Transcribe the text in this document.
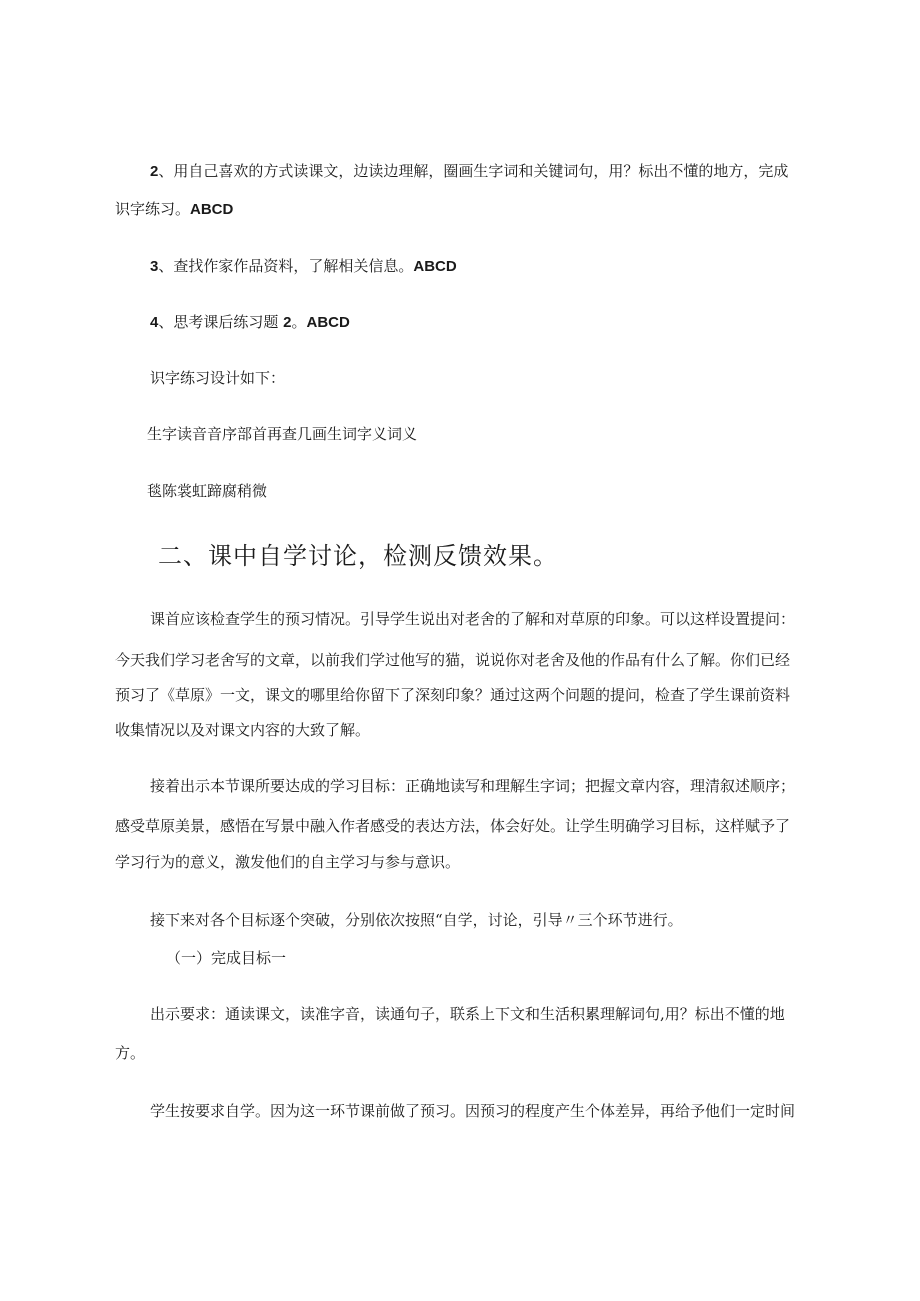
2、用自己喜欢的方式读课文，边读边理解，圈画生字词和关键词句，用？标出不懂的地方，完成
识字练习。ABCD
3、查找作家作品资料，了解相关信息。ABCD
4、思考课后练习题 2。ABCD
识字练习设计如下：
生字读音音序部首再查几画生词字义词义
毯陈裳虹蹄腐稍微
二、课中自学讨论，检测反馈效果。
课首应该检查学生的预习情况。引导学生说出对老舍的了解和对草原的印象。可以这样设置提问：
今天我们学习老舍写的文章，以前我们学过他写的猫，说说你对老舍及他的作品有什么了解。你们已经
预习了《草原》一文，课文的哪里给你留下了深刻印象？通过这两个问题的提问，检查了学生课前资料
收集情况以及对课文内容的大致了解。
接着出示本节课所要达成的学习目标：正确地读写和理解生字词；把握文章内容，理清叙述顺序；
感受草原美景，感悟在写景中融入作者感受的表达方法，体会好处。让学生明确学习目标，这样赋予了
学习行为的意义，激发他们的自主学习与参与意识。
接下来对各个目标逐个突破，分别依次按照“自学，讨论，引导〃三个环节进行。
（一）完成目标一
出示要求：通读课文，读准字音，读通句子，联系上下文和生活积累理解词句,用？标出不懂的地
方。
学生按要求自学。因为这一环节课前做了预习。因预习的程度产生个体差异，再给予他们一定时间
